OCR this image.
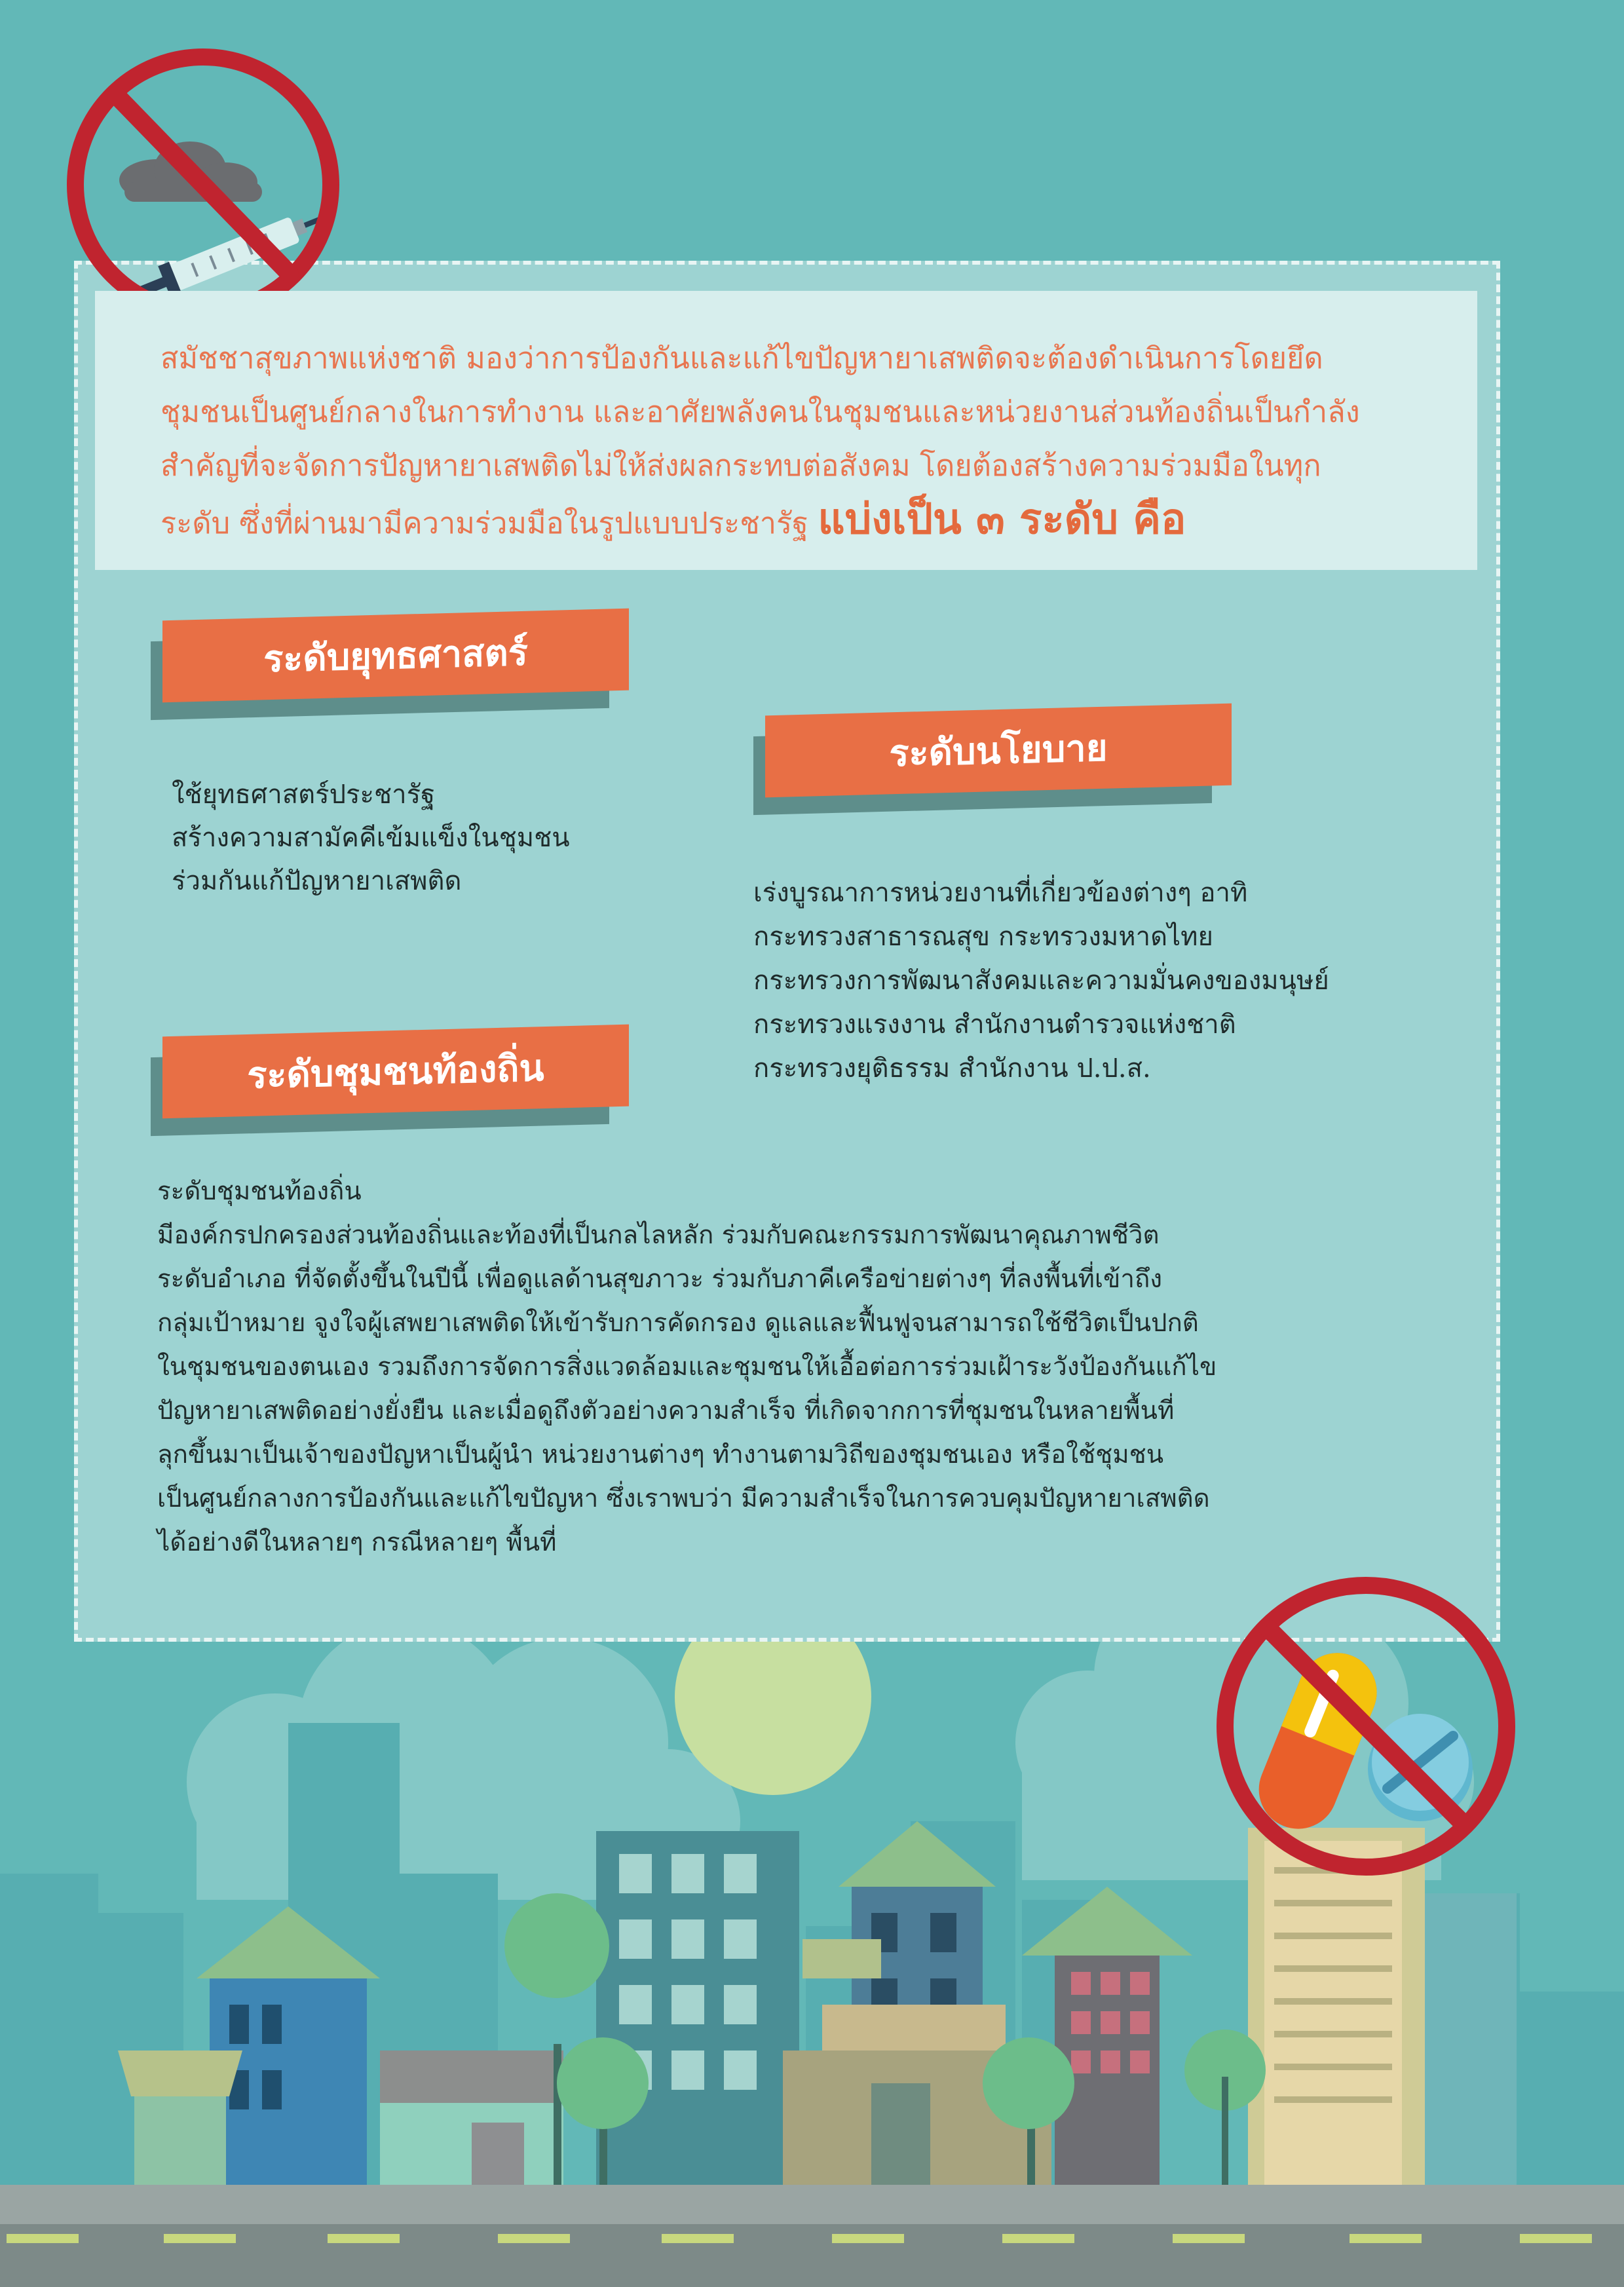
สมัชชาสุขภาพแห่งชาติ มองว่าการป้องกันและแก้ไขปัญหายาเสพติดจะต้องดำเนินการโดยยึด
ชุมชนเป็นศูนย์กลางในการทำงาน และอาศัยพลังคนในชุมชนและหน่วยงานส่วนท้องถิ่นเป็นกำลัง
สำคัญที่จะจัดการปัญหายาเสพติดไม่ให้ส่งผลกระทบต่อสังคม โดยต้องสร้างความร่วมมือในทุก
ระดับ ซึ่งที่ผ่านมามีความร่วมมือในรูปแบบประชารัฐ แบ่งเป็น ๓ ระดับ คือ
ระดับยุทธศาสตร์

ใช้ยุทธศาสตร์ประชารัฐ

สร้างความสามัคคีเข้มแข็งในชุมชน

ร่วมกันแก้ปัญหายาเสพติด

ระดับนโยบาย

เร่งบูรณาการหน่วยงานที่เกี่ยวข้องต่างๆ อาทิ

กระทรวงสาธารณสุข กระทรวงมหาดไทย

กระทรวงการพัฒนาสังคมและความมั่นคงของมนุษย์

กระทรวงแรงงาน สำนักงานตำรวจแห่งชาติ

กระทรวงยุติธรรม สำนักงาน ป.ป.ส.

ระดับชุมชนท้องถิ่น

ระดับชุมชนท้องถิ่น

มีองค์กรปกครองส่วนท้องถิ่นและท้องที่เป็นกลไลหลัก ร่วมกับคณะกรรมการพัฒนาคุณภาพชีวิต

ระดับอำเภอ ที่จัดตั้งขึ้นในปีนี้ เพื่อดูแลด้านสุขภาวะ ร่วมกับภาคีเครือข่ายต่างๆ ที่ลงพื้นที่เข้าถึง

กลุ่มเป้าหมาย จูงใจผู้เสพยาเสพติดให้เข้ารับการคัดกรอง ดูแลและฟื้นฟูจนสามารถใช้ชีวิตเป็นปกติ

ในชุมชนของตนเอง รวมถึงการจัดการสิ่งแวดล้อมและชุมชนให้เอื้อต่อการร่วมเฝ้าระวังป้องกันแก้ไข

ปัญหายาเสพติดอย่างยั่งยืน และเมื่อดูถึงตัวอย่างความสำเร็จ ที่เกิดจากการที่ชุมชนในหลายพื้นที่

ลุกขึ้นมาเป็นเจ้าของปัญหาเป็นผู้นำ หน่วยงานต่างๆ ทำงานตามวิถีของชุมชนเอง หรือใช้ชุมชน

เป็นศูนย์กลางการป้องกันและแก้ไขปัญหา ซึ่งเราพบว่า มีความสำเร็จในการควบคุมปัญหายาเสพติด

ได้อย่างดีในหลายๆ กรณีหลายๆ พื้นที่
